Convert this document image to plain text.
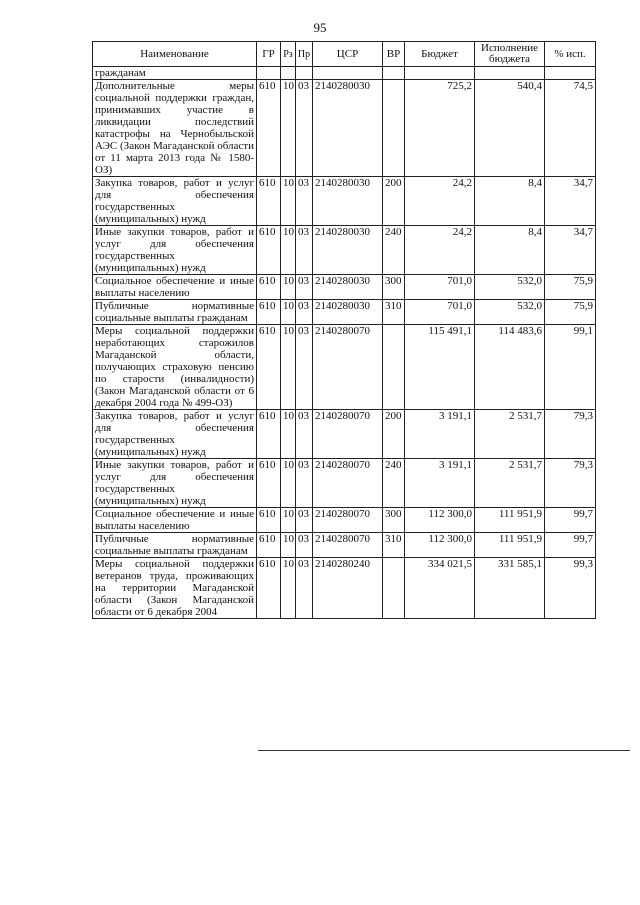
95
Наименование	ГР	Рз	Пр	ЦСР	ВР	Бюджет	Исполнение бюджета	% исп.
гражданам								
Дополнительные меры социальной поддержки граждан, принимавших участие в ликвидации последствий катастрофы на Чернобыльской АЭС (Закон Магаданской области от 11 марта 2013 года № 1580-ОЗ)	610	10	03	2140280030		725,2	540,4	74,5
Закупка товаров, работ и услуг для обеспечения государственных (муниципальных) нужд	610	10	03	2140280030	200	24,2	8,4	34,7
Иные закупки товаров, работ и услуг для обеспечения государственных (муниципальных) нужд	610	10	03	2140280030	240	24,2	8,4	34,7
Социальное обеспечение и иные выплаты населению	610	10	03	2140280030	300	701,0	532,0	75,9
Публичные нормативные социальные выплаты гражданам	610	10	03	2140280030	310	701,0	532,0	75,9
Меры социальной поддержки неработающих старожилов Магаданской области, получающих страховую пенсию по старости (инвалидности) (Закон Магаданской области от 6 декабря 2004 года № 499-ОЗ)	610	10	03	2140280070		115 491,1	114 483,6	99,1
Закупка товаров, работ и услуг для обеспечения государственных (муниципальных) нужд	610	10	03	2140280070	200	3 191,1	2 531,7	79,3
Иные закупки товаров, работ и услуг для обеспечения государственных (муниципальных) нужд	610	10	03	2140280070	240	3 191,1	2 531,7	79,3
Социальное обеспечение и иные выплаты населению	610	10	03	2140280070	300	112 300,0	111 951,9	99,7
Публичные нормативные социальные выплаты гражданам	610	10	03	2140280070	310	112 300,0	111 951,9	99,7
Меры социальной поддержки ветеранов труда, проживающих на территории Магаданской области (Закон Магаданской области от 6 декабря 2004	610	10	03	2140280240		334 021,5	331 585,1	99,3
